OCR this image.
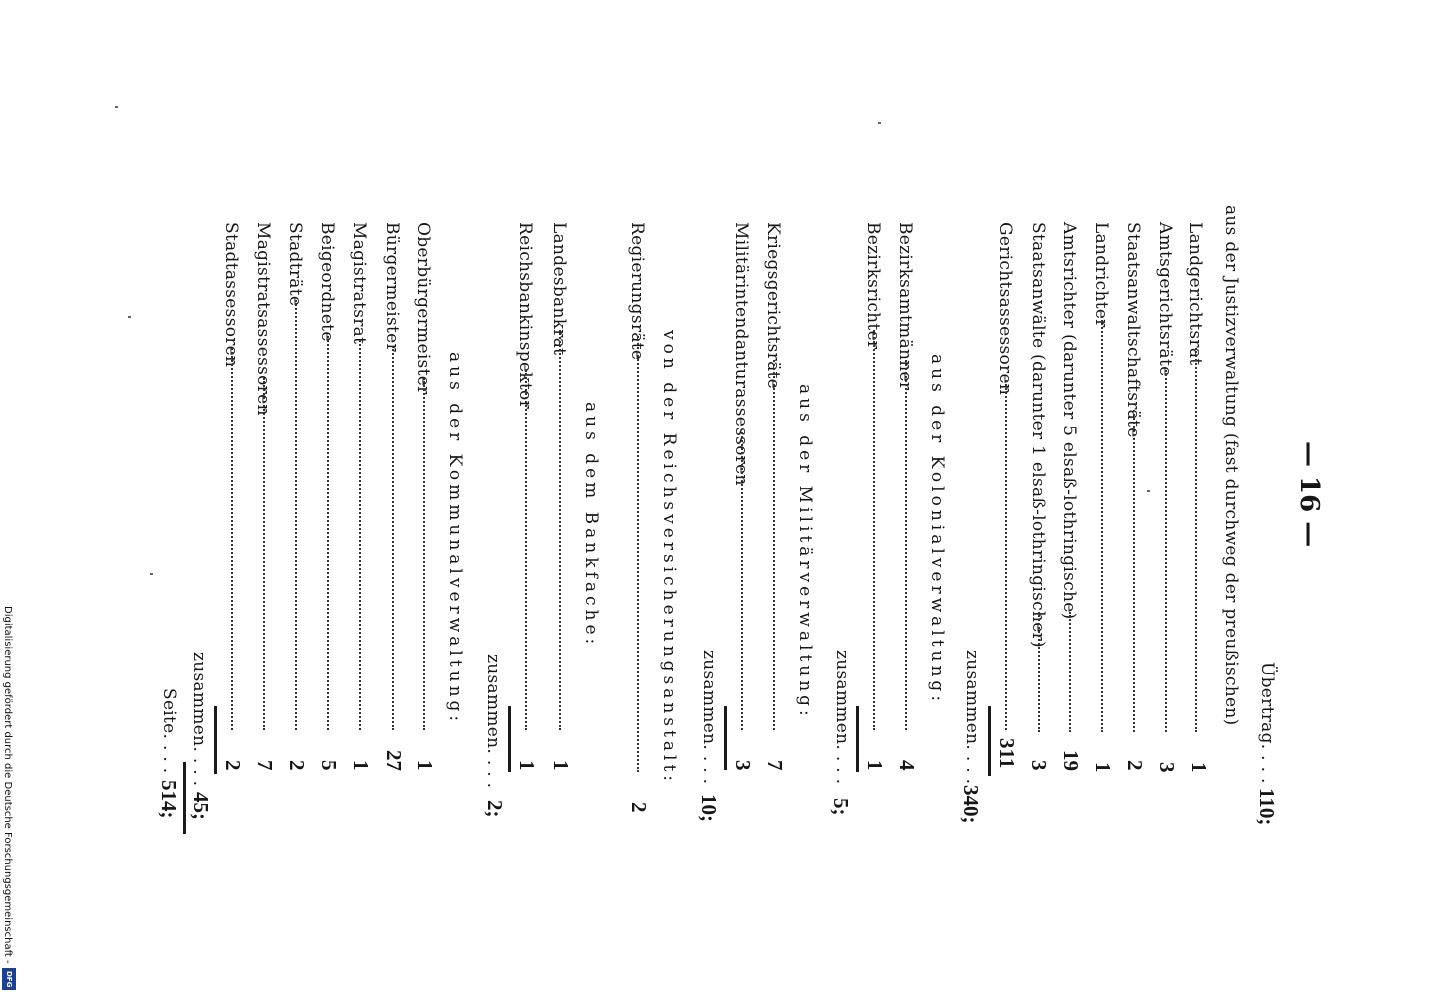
— 16 —
Übertrag. . . .
110;
aus der Justizverwaltung (fast durchweg der preußischen)
Landgerichtsrat
1
Amtsgerichtsräte
3
Staatsanwaltschaftsräte
2
Landrichter
1
Amtsrichter (darunter 5 elsaß-lothringische)
19
Staatsanwälte (darunter 1 elsaß-lothringischer)
3
Gerichtsassessoren
311
zusammen. . . .
340;
aus der Kolonialverwaltung:
Bezirksamtmänner
4
Bezirksrichter
1
zusammen. . . .
5;
aus der Militärverwaltung:
Kriegsgerichtsräte
7
Militärintendanturassessoren
3
zusammen. . . .
10;
von der Reichsversicherungsanstalt:
Regierungsräte
2
aus dem Bankfache:
Landesbankrat
1
Reichsbankinspektor
1
zusammen. . . .
2;
aus der Kommunalverwaltung:
Oberbürgermeister
1
Bürgermeister
27
Magistratsrat
1
Beigeordnete
5
Stadträte
2
Magistratsassessoren
7
Stadtassessoren
2
zusammen. . . .
45;
Seite. . . .
514;
Digitalisierung gefördert durch die Deutsche Forschungsgemeinschaft -
DFG
